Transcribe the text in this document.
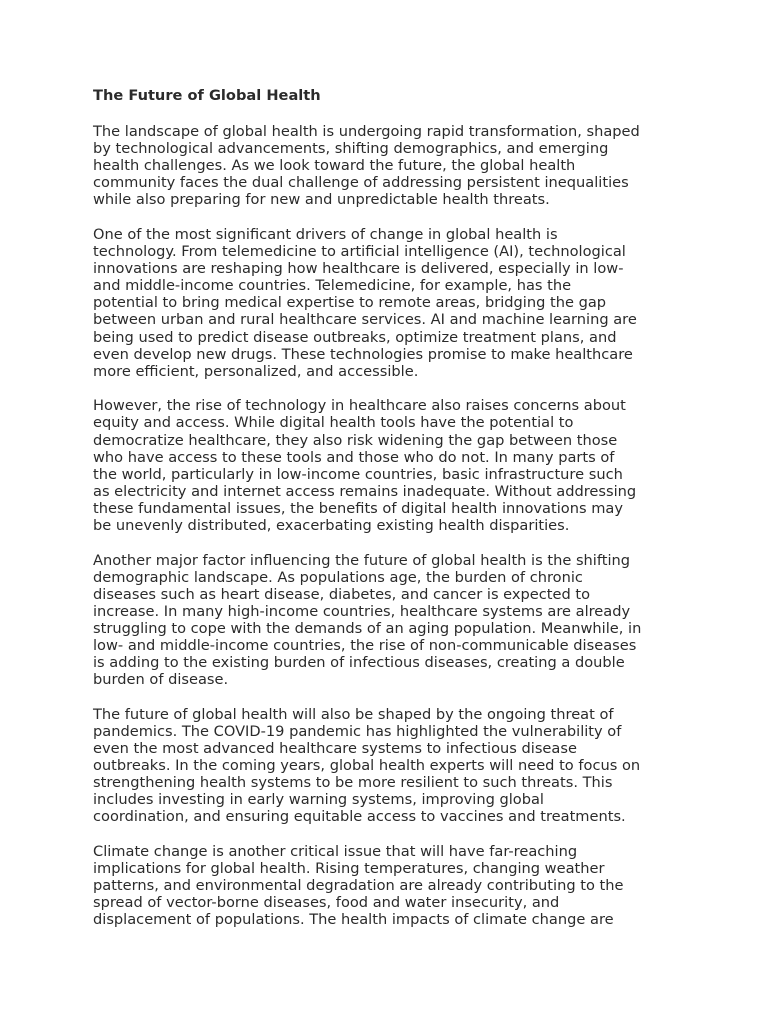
The Future of Global Health
The landscape of global health is undergoing rapid transformation, shaped
by technological advancements, shifting demographics, and emerging
health challenges. As we look toward the future, the global health
community faces the dual challenge of addressing persistent inequalities
while also preparing for new and unpredictable health threats.
One of the most significant drivers of change in global health is
technology. From telemedicine to artificial intelligence (AI), technological
innovations are reshaping how healthcare is delivered, especially in low-
and middle-income countries. Telemedicine, for example, has the
potential to bring medical expertise to remote areas, bridging the gap
between urban and rural healthcare services. AI and machine learning are
being used to predict disease outbreaks, optimize treatment plans, and
even develop new drugs. These technologies promise to make healthcare
more efficient, personalized, and accessible.
However, the rise of technology in healthcare also raises concerns about
equity and access. While digital health tools have the potential to
democratize healthcare, they also risk widening the gap between those
who have access to these tools and those who do not. In many parts of
the world, particularly in low-income countries, basic infrastructure such
as electricity and internet access remains inadequate. Without addressing
these fundamental issues, the benefits of digital health innovations may
be unevenly distributed, exacerbating existing health disparities.
Another major factor influencing the future of global health is the shifting
demographic landscape. As populations age, the burden of chronic
diseases such as heart disease, diabetes, and cancer is expected to
increase. In many high-income countries, healthcare systems are already
struggling to cope with the demands of an aging population. Meanwhile, in
low- and middle-income countries, the rise of non-communicable diseases
is adding to the existing burden of infectious diseases, creating a double
burden of disease.
The future of global health will also be shaped by the ongoing threat of
pandemics. The COVID-19 pandemic has highlighted the vulnerability of
even the most advanced healthcare systems to infectious disease
outbreaks. In the coming years, global health experts will need to focus on
strengthening health systems to be more resilient to such threats. This
includes investing in early warning systems, improving global
coordination, and ensuring equitable access to vaccines and treatments.
Climate change is another critical issue that will have far-reaching
implications for global health. Rising temperatures, changing weather
patterns, and environmental degradation are already contributing to the
spread of vector-borne diseases, food and water insecurity, and
displacement of populations. The health impacts of climate change are
